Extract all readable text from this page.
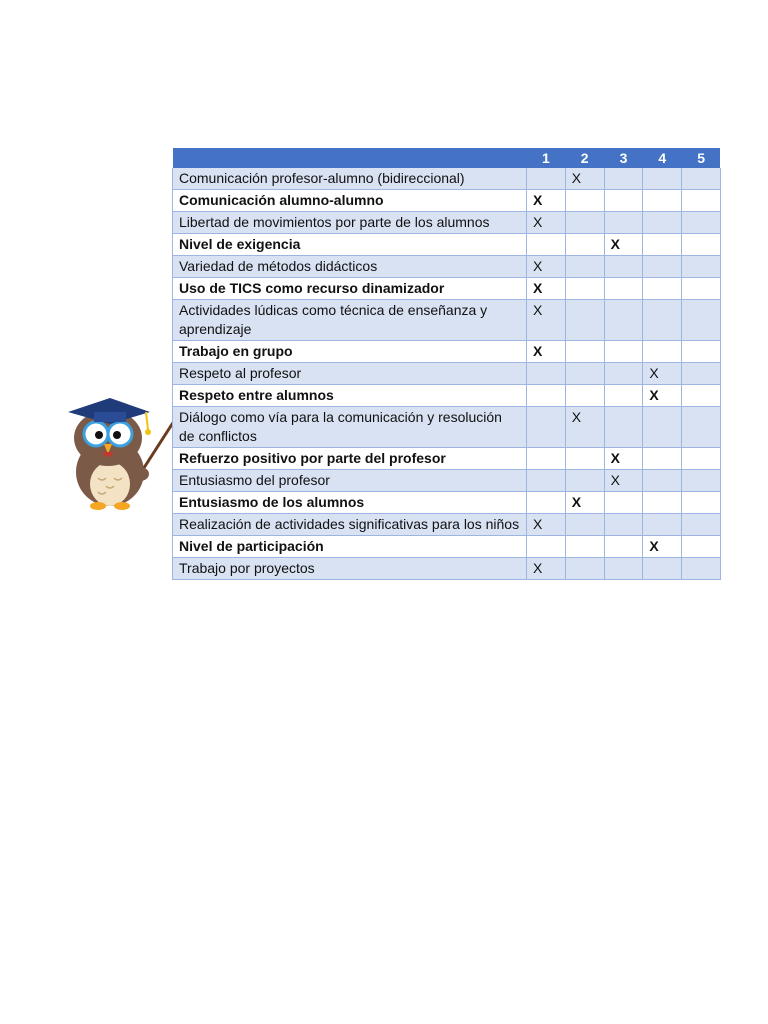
	1	2	3	4	5
Comunicación profesor-alumno (bidireccional)		X			
Comunicación alumno-alumno	X				
Libertad de movimientos por parte de los alumnos	X				
Nivel de exigencia			X		
Variedad de métodos didácticos	X				
Uso de TICS como recurso dinamizador	X				
Actividades lúdicas como técnica de enseñanza y aprendizaje	X				
Trabajo en grupo	X				
Respeto al profesor				X	
Respeto entre alumnos				X	
Diálogo como vía para la comunicación y resolución de conflictos		X			
Refuerzo positivo por parte del profesor			X		
Entusiasmo del profesor			X		
Entusiasmo de los alumnos		X			
Realización de actividades significativas para los niños	X				
Nivel de participación				X	
Trabajo por proyectos	X				
